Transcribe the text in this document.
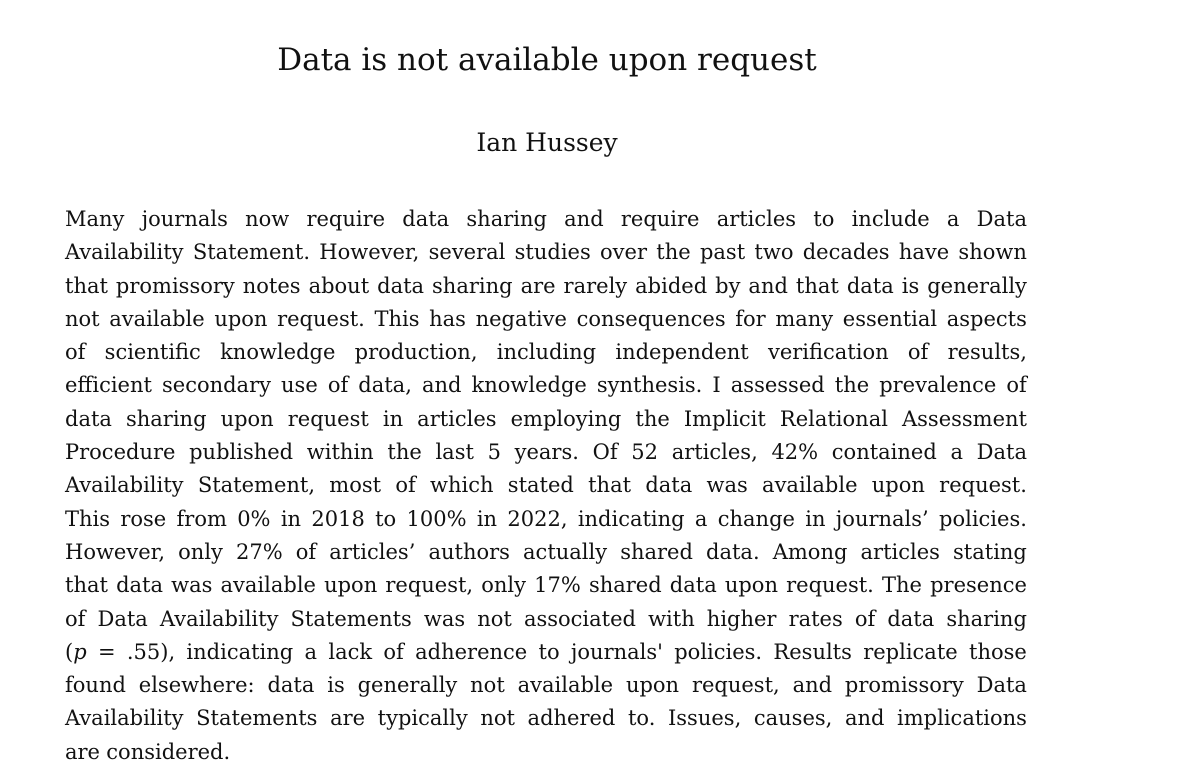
Data is not available upon request
Ian Hussey
Many journals now require data sharing and require articles to include a Data
Availability Statement. However, several studies over the past two decades have shown
that promissory notes about data sharing are rarely abided by and that data is generally
not available upon request. This has negative consequences for many essential aspects
of scientific knowledge production, including independent verification of results,
efficient secondary use of data, and knowledge synthesis. I assessed the prevalence of
data sharing upon request in articles employing the Implicit Relational Assessment
Procedure published within the last 5 years. Of 52 articles, 42% contained a Data
Availability Statement, most of which stated that data was available upon request.
This rose from 0% in 2018 to 100% in 2022, indicating a change in journals’ policies.
However, only 27% of articles’ authors actually shared data. Among articles stating
that data was available upon request, only 17% shared data upon request. The presence
of Data Availability Statements was not associated with higher rates of data sharing
(p = .55), indicating a lack of adherence to journals' policies. Results replicate those
found elsewhere: data is generally not available upon request, and promissory Data
Availability Statements are typically not adhered to. Issues, causes, and implications
are considered.
